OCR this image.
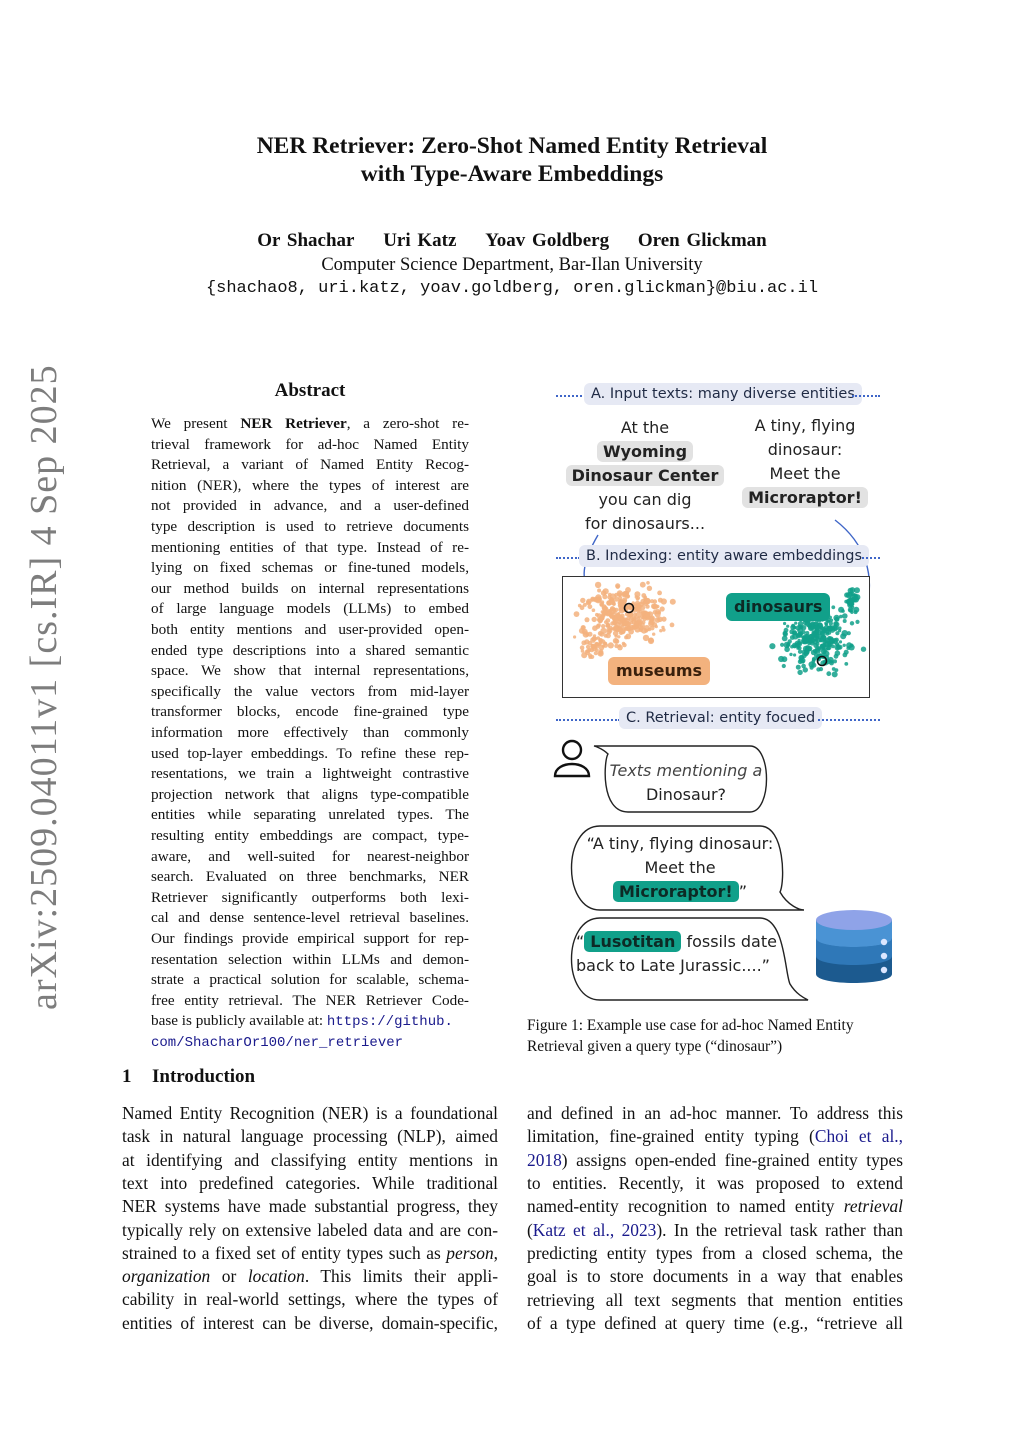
arXiv:2509.04011v1 [cs.IR] 4 Sep 2025
NER Retriever: Zero-Shot Named Entity Retrieval
with Type-Aware Embeddings
Or Shachar Uri Katz Yoav Goldberg Oren Glickman
Computer Science Department, Bar-Ilan University
{shachao8, uri.katz, yoav.goldberg, oren.glickman}@biu.ac.il
Abstract
We present NER Retriever, a zero-shot re-
trieval framework for ad-hoc Named Entity
Retrieval, a variant of Named Entity Recog-
nition (NER), where the types of interest are
not provided in advance, and a user-defined
type description is used to retrieve documents
mentioning entities of that type. Instead of re-
lying on fixed schemas or fine-tuned models,
our method builds on internal representations
of large language models (LLMs) to embed
both entity mentions and user-provided open-
ended type descriptions into a shared semantic
space. We show that internal representations,
specifically the value vectors from mid-layer
transformer blocks, encode fine-grained type
information more effectively than commonly
used top-layer embeddings. To refine these rep-
resentations, we train a lightweight contrastive
projection network that aligns type-compatible
entities while separating unrelated types. The
resulting entity embeddings are compact, type-
aware, and well-suited for nearest-neighbor
search. Evaluated on three benchmarks, NER
Retriever significantly outperforms both lexi-
cal and dense sentence-level retrieval baselines.
Our findings provide empirical support for rep-
resentation selection within LLMs and demon-
strate a practical solution for scalable, schema-
free entity retrieval. The NER Retriever Code-
base is publicly available at: https://github.
com/ShacharOr100/ner_retriever
1 Introduction
Named Entity Recognition (NER) is a foundational
task in natural language processing (NLP), aimed
at identifying and classifying entity mentions in
text into predefined categories. While traditional
NER systems have made substantial progress, they
typically rely on extensive labeled data and are con-
strained to a fixed set of entity types such as person,
organization or location. This limits their appli-
cability in real-world settings, where the types of
entities of interest can be diverse, domain-specific,
and defined in an ad-hoc manner. To address this
limitation, fine-grained entity typing (Choi et al.,
2018) assigns open-ended fine-grained entity types
to entities. Recently, it was proposed to extend
named-entity recognition to named entity retrieval
(Katz et al., 2023). In the retrieval task rather than
predicting entity types from a closed schema, the
goal is to store documents in a way that enables
retrieving all text segments that mention entities
of a type defined at query time (e.g., “retrieve all
A. Input texts: many diverse entities
At the
Wyoming
Dinosaur Center
you can dig
for dinosaurs...
A tiny, flying
dinosaur:
Meet the
Microraptor!
B. Indexing: entity aware embeddings
dinosaurs
museums
C. Retrieval: entity focued
Texts mentioning a
Dinosaur?
“A tiny, flying dinosaur:
Meet the
Microraptor! ”
“ Lusotitan fossils date
back to Late Jurassic....”
Figure 1: Example use case for ad-hoc Named Entity
Retrieval given a query type (“dinosaur”)
